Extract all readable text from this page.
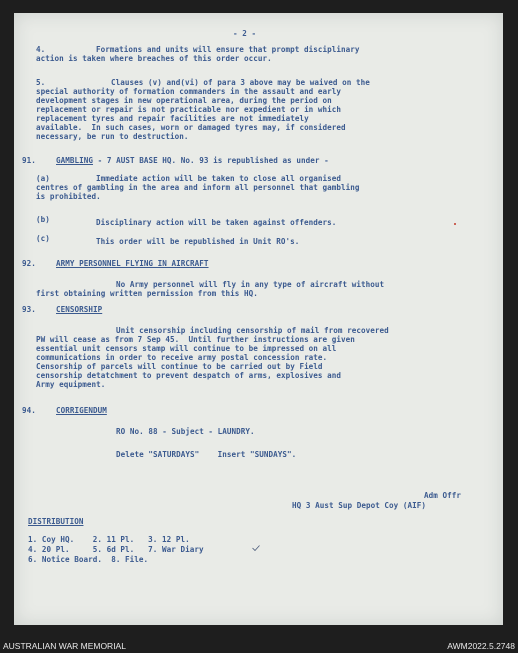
- 2 -
4.	Formations and units will ensure that prompt disciplinary
action is taken where breaches of this order occur.
5.	Clauses (v) and(vi) of para 3 above may be waived on the
special authority of formation commanders in the assault and early
development stages in new operational area, during the period on
replacement or repair is not practicable nor expedient or in which
replacement tyres and repair facilities are not immediately
available.  In such cases, worn or damaged tyres may, if considered
necessary, be run to destruction.
91.	GAMBLING - 7 AUST BASE HQ. No. 93 is republished as under -
(a)	Immediate action will be taken to close all organised
centres of gambling in the area and inform all personnel that gambling
is prohibited.
(b)	Disciplinary action will be taken against offenders.
(c)	This order will be republished in Unit RO's.
92.	ARMY PERSONNEL FLYING IN AIRCRAFT
No Army personnel will fly in any type of aircraft without
first obtaining written permission from this HQ.
93.	CENSORSHIP
Unit censorship including censorship of mail from recovered
PW will cease as from 7 Sep 45.  Until further instructions are given
essential unit censors stamp will continue to be impressed on all
communications in order to receive army postal concession rate.
Censorship of parcels will continue to be carried out by Field
censorship detatchment to prevent despatch of arms, explosives and
Army equipment.
94.	CORRIGENDUM
RO No. 88 - Subject - LAUNDRY.
Delete "SATURDAYS"    Insert "SUNDAYS".
Adm Offr
HQ 3 Aust Sup Depot Coy (AIF)
DISTRIBUTION
1. Coy HQ.    2. 11 Pl.   3. 12 Pl.
4. 20 Pl.     5. 6d Pl.   7. War Diary
6. Notice Board.  8. File.
AUSTRALIAN WAR MEMORIAL	AWM2022.5.2748
